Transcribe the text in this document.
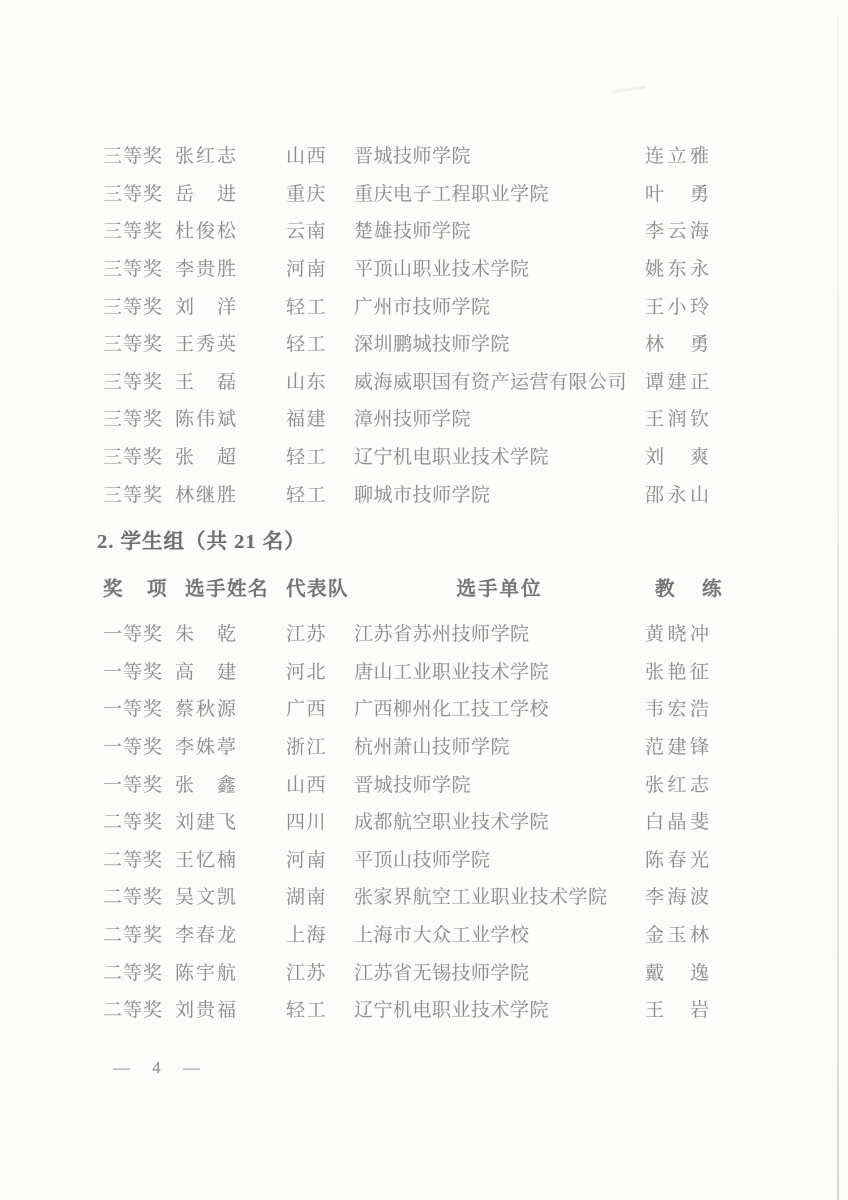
三等奖 张红志	山西	晋城技师学院	连立雅
三等奖 岳　进	重庆	重庆电子工程职业学院	叶　勇
三等奖 杜俊松	云南	楚雄技师学院	李云海
三等奖 李贵胜	河南	平顶山职业技术学院	姚东永
三等奖 刘　洋	轻工	广州市技师学院	王小玲
三等奖 王秀英	轻工	深圳鹏城技师学院	林　勇
三等奖 王　磊	山东	威海威职国有资产运营有限公司 谭建正
三等奖 陈伟斌	福建	漳州技师学院	王润钦
三等奖 张　超	轻工	辽宁机电职业技术学院	刘　爽
三等奖 林继胜	轻工	聊城市技师学院	邵永山
2. 学生组（共 21 名）
奖　项 选手姓名 代表队	选手单位	教　练
一等奖 朱　乾	江苏	江苏省苏州技师学院	黄晓冲
一等奖 高　建	河北	唐山工业职业技术学院	张艳征
一等奖 蔡秋源	广西	广西柳州化工技工学校	韦宏浩
一等奖 李姝葶	浙江	杭州萧山技师学院	范建锋
一等奖 张　鑫	山西	晋城技师学院	张红志
二等奖 刘建飞	四川	成都航空职业技术学院	白晶斐
二等奖 王忆楠	河南	平顶山技师学院	陈春光
二等奖 吴文凯	湖南	张家界航空工业职业技术学院	李海波
二等奖 李春龙	上海	上海市大众工业学校	金玉林
二等奖 陈宇航	江苏	江苏省无锡技师学院	戴　逸
二等奖 刘贵福	轻工	辽宁机电职业技术学院	王　岩
— 4 —
